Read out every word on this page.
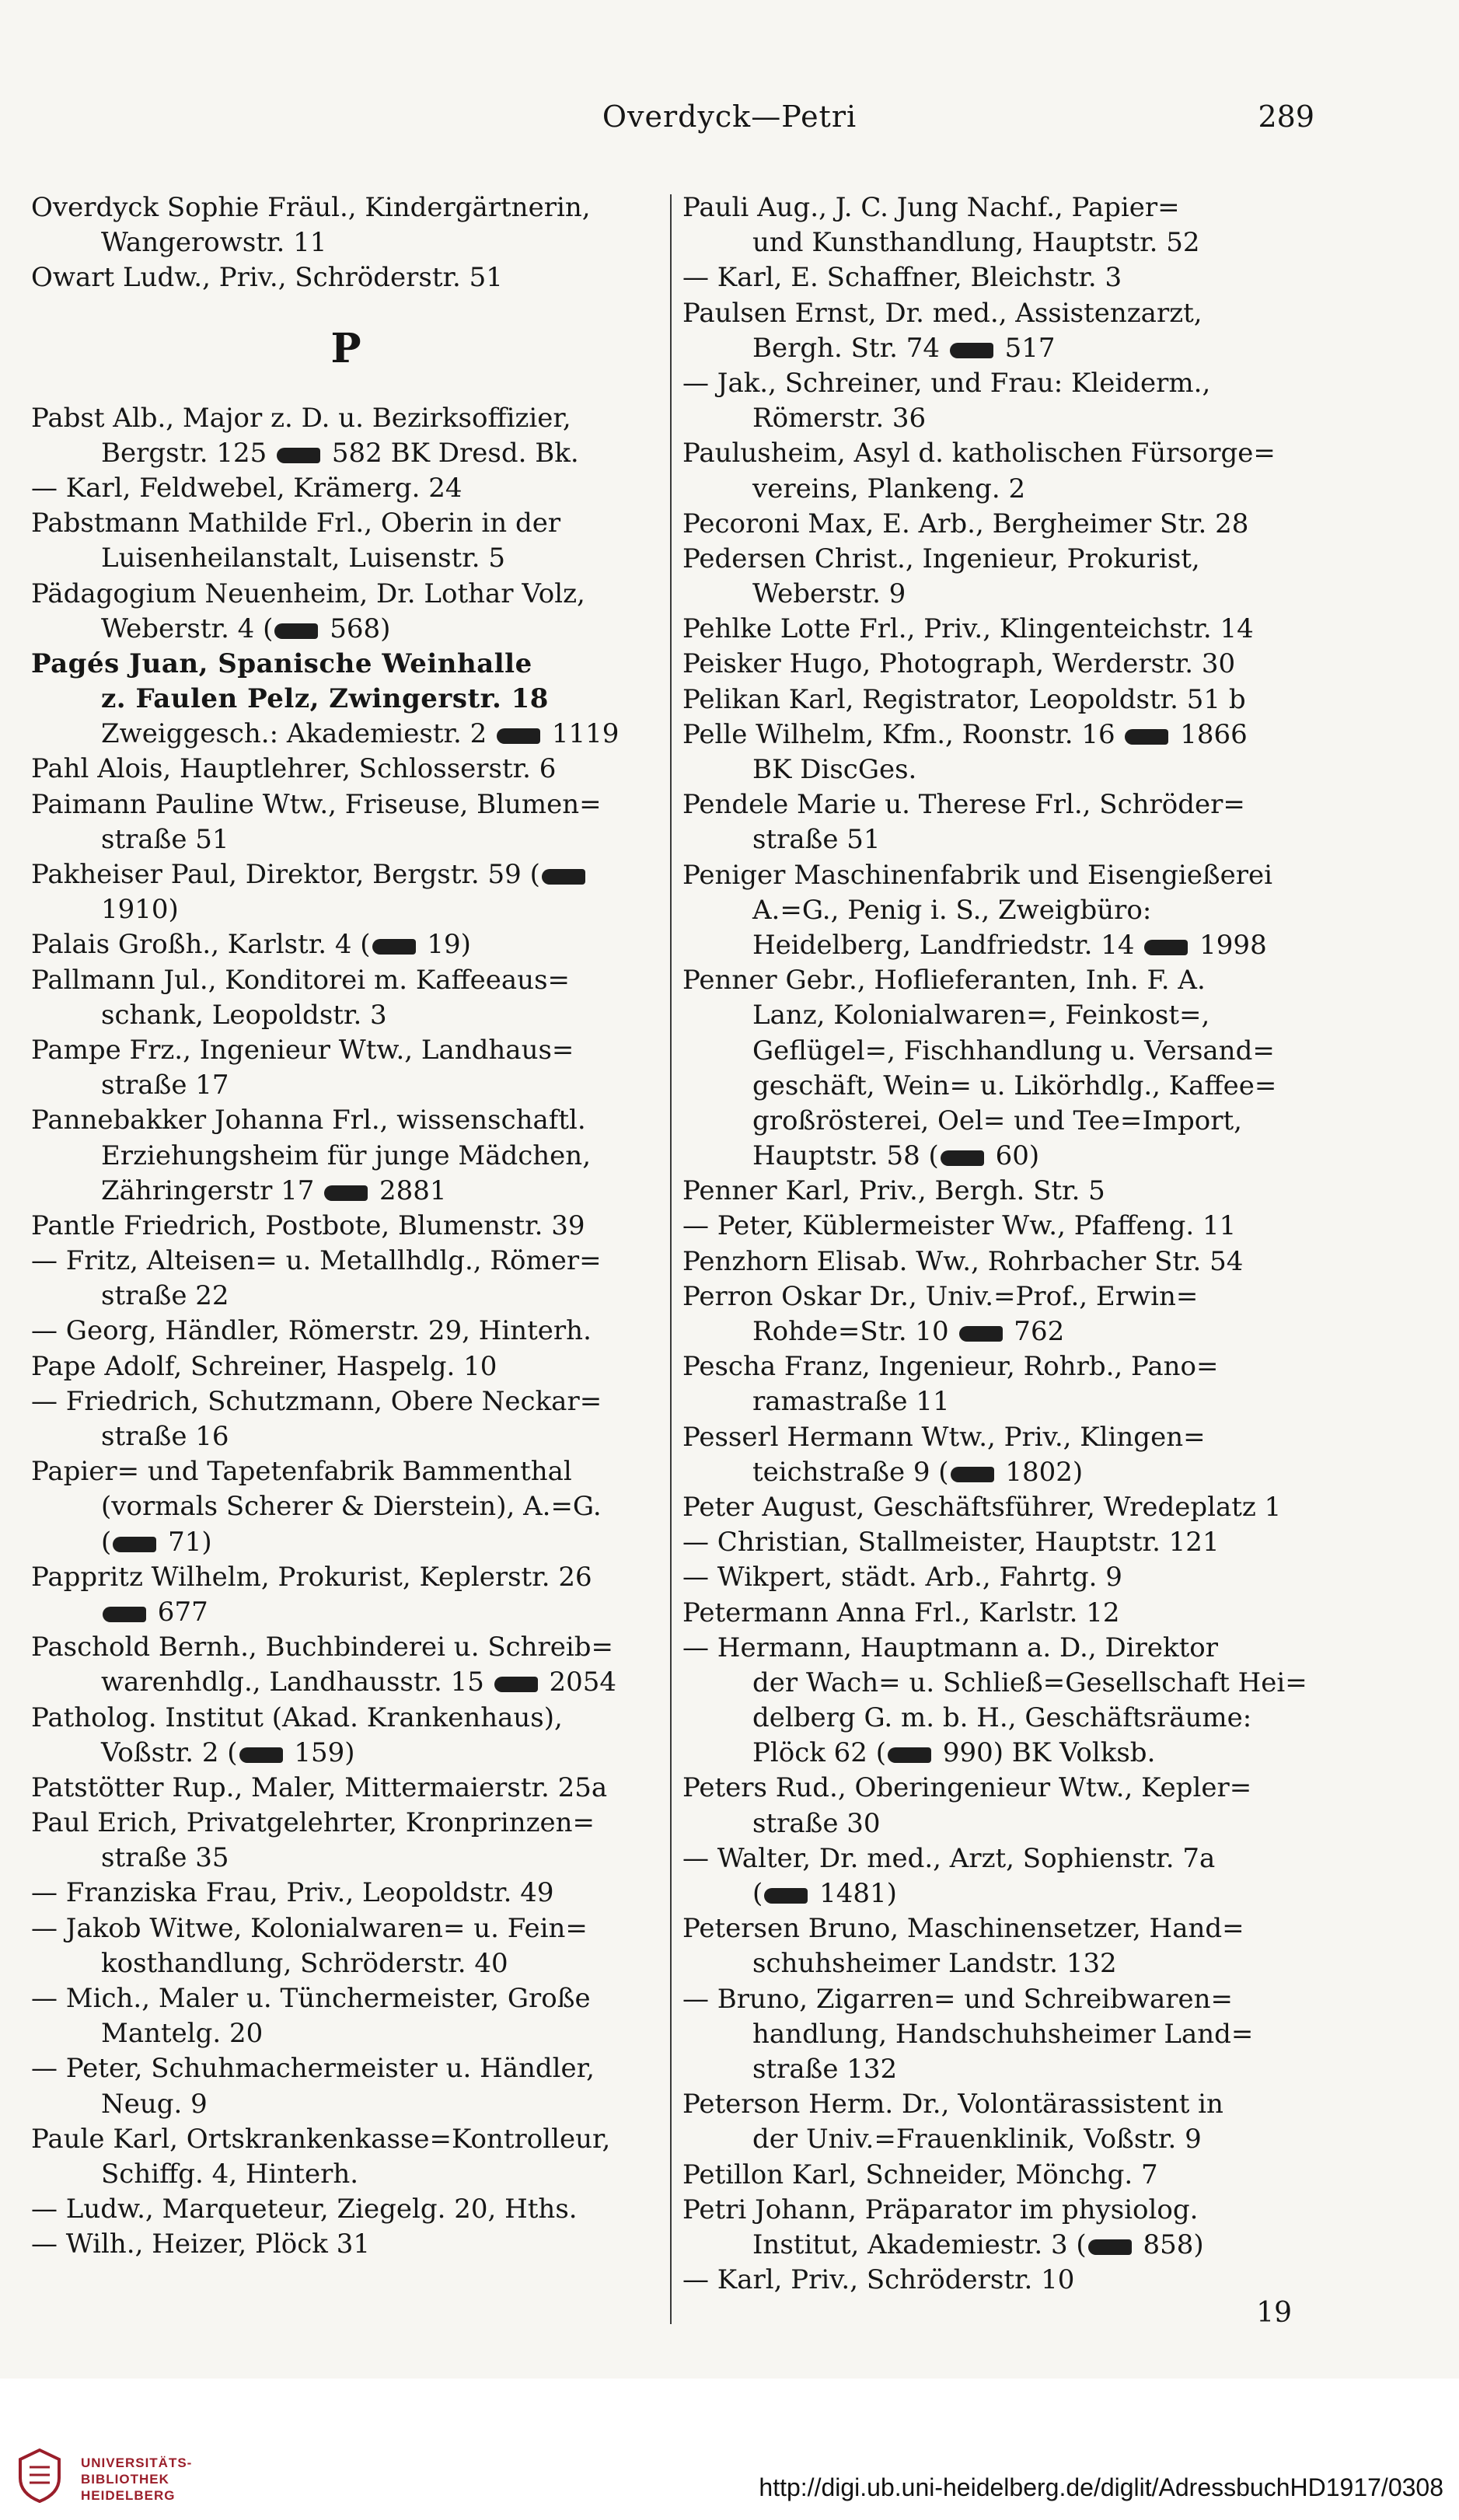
Overdyck—Petri	289
Overdyck Sophie Fräul., Kindergärtnerin,
Wangerowstr. 11
Owart Ludw., Priv., Schröderstr. 51
P
Pabst Alb., Major z. D. u. Bezirksoffizier,
Bergstr. 125  582 BK Dresd. Bk.
— Karl, Feldwebel, Krämerg. 24
Pabstmann Mathilde Frl., Oberin in der
Luisenheilanstalt, Luisenstr. 5
Pädagogium Neuenheim, Dr. Lothar Volz,
Weberstr. 4 ( 568)
Pagés Juan, Spanische Weinhalle
z. Faulen Pelz, Zwingerstr. 18
Zweiggesch.: Akademiestr. 2  1119
Pahl Alois, Hauptlehrer, Schlosserstr. 6
Paimann Pauline Wtw., Friseuse, Blumen=
straße 51
Pakheiser Paul, Direktor, Bergstr. 59 (
1910)
Palais Großh., Karlstr. 4 ( 19)
Pallmann Jul., Konditorei m. Kaffeeaus=
schank, Leopoldstr. 3
Pampe Frz., Ingenieur Wtw., Landhaus=
straße 17
Pannebakker Johanna Frl., wissenschaftl.
Erziehungsheim für junge Mädchen,
Zähringerstr 17  2881
Pantle Friedrich, Postbote, Blumenstr. 39
— Fritz, Alteisen= u. Metallhdlg., Römer=
straße 22
— Georg, Händler, Römerstr. 29, Hinterh.
Pape Adolf, Schreiner, Haspelg. 10
— Friedrich, Schutzmann, Obere Neckar=
straße 16
Papier= und Tapetenfabrik Bammenthal
(vormals Scherer & Dierstein), A.=G.
( 71)
Pappritz Wilhelm, Prokurist, Keplerstr. 26
677
Paschold Bernh., Buchbinderei u. Schreib=
warenhdlg., Landhausstr. 15  2054
Patholog. Institut (Akad. Krankenhaus),
Voßstr. 2 ( 159)
Patstötter Rup., Maler, Mittermaierstr. 25a
Paul Erich, Privatgelehrter, Kronprinzen=
straße 35
— Franziska Frau, Priv., Leopoldstr. 49
— Jakob Witwe, Kolonialwaren= u. Fein=
kosthandlung, Schröderstr. 40
— Mich., Maler u. Tünchermeister, Große
Mantelg. 20
— Peter, Schuhmachermeister u. Händler,
Neug. 9
Paule Karl, Ortskrankenkasse=Kontrolleur,
Schiffg. 4, Hinterh.
— Ludw., Marqueteur, Ziegelg. 20, Hths.
— Wilh., Heizer, Plöck 31
Pauli Aug., J. C. Jung Nachf., Papier=
und Kunsthandlung, Hauptstr. 52
— Karl, E. Schaffner, Bleichstr. 3
Paulsen Ernst, Dr. med., Assistenzarzt,
Bergh. Str. 74  517
— Jak., Schreiner, und Frau: Kleiderm.,
Römerstr. 36
Paulusheim, Asyl d. katholischen Fürsorge=
vereins, Plankeng. 2
Pecoroni Max, E. Arb., Bergheimer Str. 28
Pedersen Christ., Ingenieur, Prokurist,
Weberstr. 9
Pehlke Lotte Frl., Priv., Klingenteichstr. 14
Peisker Hugo, Photograph, Werderstr. 30
Pelikan Karl, Registrator, Leopoldstr. 51 b
Pelle Wilhelm, Kfm., Roonstr. 16  1866
BK DiscGes.
Pendele Marie u. Therese Frl., Schröder=
straße 51
Peniger Maschinenfabrik und Eisengießerei
A.=G., Penig i. S., Zweigbüro:
Heidelberg, Landfriedstr. 14  1998
Penner Gebr., Hoflieferanten, Inh. F. A.
Lanz, Kolonialwaren=, Feinkost=,
Geflügel=, Fischhandlung u. Versand=
geschäft, Wein= u. Likörhdlg., Kaffee=
großrösterei, Oel= und Tee=Import,
Hauptstr. 58 ( 60)
Penner Karl, Priv., Bergh. Str. 5
— Peter, Küblermeister Ww., Pfaffeng. 11
Penzhorn Elisab. Ww., Rohrbacher Str. 54
Perron Oskar Dr., Univ.=Prof., Erwin=
Rohde=Str. 10  762
Pescha Franz, Ingenieur, Rohrb., Pano=
ramastraße 11
Pesserl Hermann Wtw., Priv., Klingen=
teichstraße 9 ( 1802)
Peter August, Geschäftsführer, Wredeplatz 1
— Christian, Stallmeister, Hauptstr. 121
— Wikpert, städt. Arb., Fahrtg. 9
Petermann Anna Frl., Karlstr. 12
— Hermann, Hauptmann a. D., Direktor
der Wach= u. Schließ=Gesellschaft Hei=
delberg G. m. b. H., Geschäftsräume:
Plöck 62 ( 990) BK Volksb.
Peters Rud., Oberingenieur Wtw., Kepler=
straße 30
— Walter, Dr. med., Arzt, Sophienstr. 7a
( 1481)
Petersen Bruno, Maschinensetzer, Hand=
schuhsheimer Landstr. 132
— Bruno, Zigarren= und Schreibwaren=
handlung, Handschuhsheimer Land=
straße 132
Peterson Herm. Dr., Volontärassistent in
der Univ.=Frauenklinik, Voßstr. 9
Petillon Karl, Schneider, Mönchg. 7
Petri Johann, Präparator im physiolog.
Institut, Akademiestr. 3 ( 858)
— Karl, Priv., Schröderstr. 10
19
UNIVERSITÄTS-
BIBLIOTHEK
HEIDELBERG	http://digi.ub.uni-heidelberg.de/diglit/AdressbuchHD1917/0308
